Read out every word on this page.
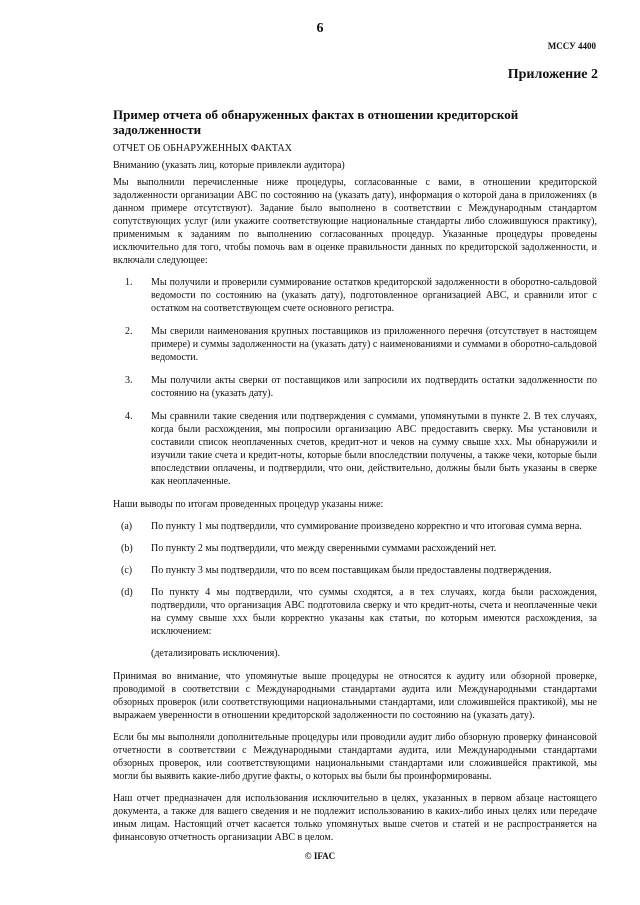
6
МССУ 4400
Приложение 2
Пример отчета об обнаруженных фактах в отношении кредиторской задолженности
ОТЧЕТ ОБ ОБНАРУЖЕННЫХ ФАКТАХ
Вниманию (указать лиц, которые привлекли аудитора)
Мы выполнили перечисленные ниже процедуры, согласованные с вами, в отношении кредиторской задолженности организации ABC по состоянию на (указать дату), информация о которой дана в приложениях (в данном примере отсутствуют). Задание было выполнено в соответствии с Международным стандартом сопутствующих услуг (или укажите соответствующие национальные стандарты либо сложившуюся практику), применимым к заданиям по выполнению согласованных процедур. Указанные процедуры проведены исключительно для того, чтобы помочь вам в оценке правильности данных по кредиторской задолженности, и включали следующее:
1.	Мы получили и проверили суммирование остатков кредиторской задолженности в оборотно-сальдовой ведомости по состоянию на (указать дату), подготовленное организацией ABC, и сравнили итог с остатком на соответствующем счете основного регистра.
2.	Мы сверили наименования крупных поставщиков из приложенного перечня (отсутствует в настоящем примере) и суммы задолженности на (указать дату) с наименованиями и суммами в оборотно-сальдовой ведомости.
3.	Мы получили акты сверки от поставщиков или запросили их подтвердить остатки задолженности по состоянию на (указать дату).
4.	Мы сравнили такие сведения или подтверждения с суммами, упомянутыми в пункте 2. В тех случаях, когда были расхождения, мы попросили организацию ABC предоставить сверку. Мы установили и составили список неоплаченных счетов, кредит-нот и чеков на сумму свыше xxx. Мы обнаружили и изучили такие счета и кредит-ноты, которые были впоследствии получены, а также чеки, которые были впоследствии оплачены, и подтвердили, что они, действительно, должны были быть указаны в сверке как неоплаченные.
Наши выводы по итогам проведенных процедур указаны ниже:
(a)	По пункту 1 мы подтвердили, что суммирование произведено корректно и что итоговая сумма верна.
(b)	По пункту 2 мы подтвердили, что между сверенными суммами расхождений нет.
(c)	По пункту 3 мы подтвердили, что по всем поставщикам были предоставлены подтверждения.
(d)	По пункту 4 мы подтвердили, что суммы сходятся, а в тех случаях, когда были расхождения, подтвердили, что организация ABC подготовила сверку и что кредит-ноты, счета и неоплаченные чеки на сумму свыше xxx были корректно указаны как статьи, по которым имеются расхождения, за исключением:
(детализировать исключения).
Принимая во внимание, что упомянутые выше процедуры не относятся к аудиту или обзорной проверке, проводимой в соответствии с Международными стандартами аудита или Международными стандартами обзорных проверок (или соответствующими национальными стандартами, или сложившейся практикой), мы не выражаем уверенности в отношении кредиторской задолженности по состоянию на (указать дату).
Если бы мы выполняли дополнительные процедуры или проводили аудит либо обзорную проверку финансовой отчетности в соответствии с Международными стандартами аудита, или Международными стандартами обзорных проверок, или соответствующими национальными стандартами или сложившейся практикой, мы могли бы выявить какие-либо другие факты, о которых вы были бы проинформированы.
Наш отчет предназначен для использования исключительно в целях, указанных в первом абзаце настоящего документа, а также для вашего сведения и не подлежит использованию в каких-либо иных целях или передаче иным лицам. Настоящий отчет касается только упомянутых выше счетов и статей и не распространяется на финансовую отчетность организации ABC в целом.
© IFAC
